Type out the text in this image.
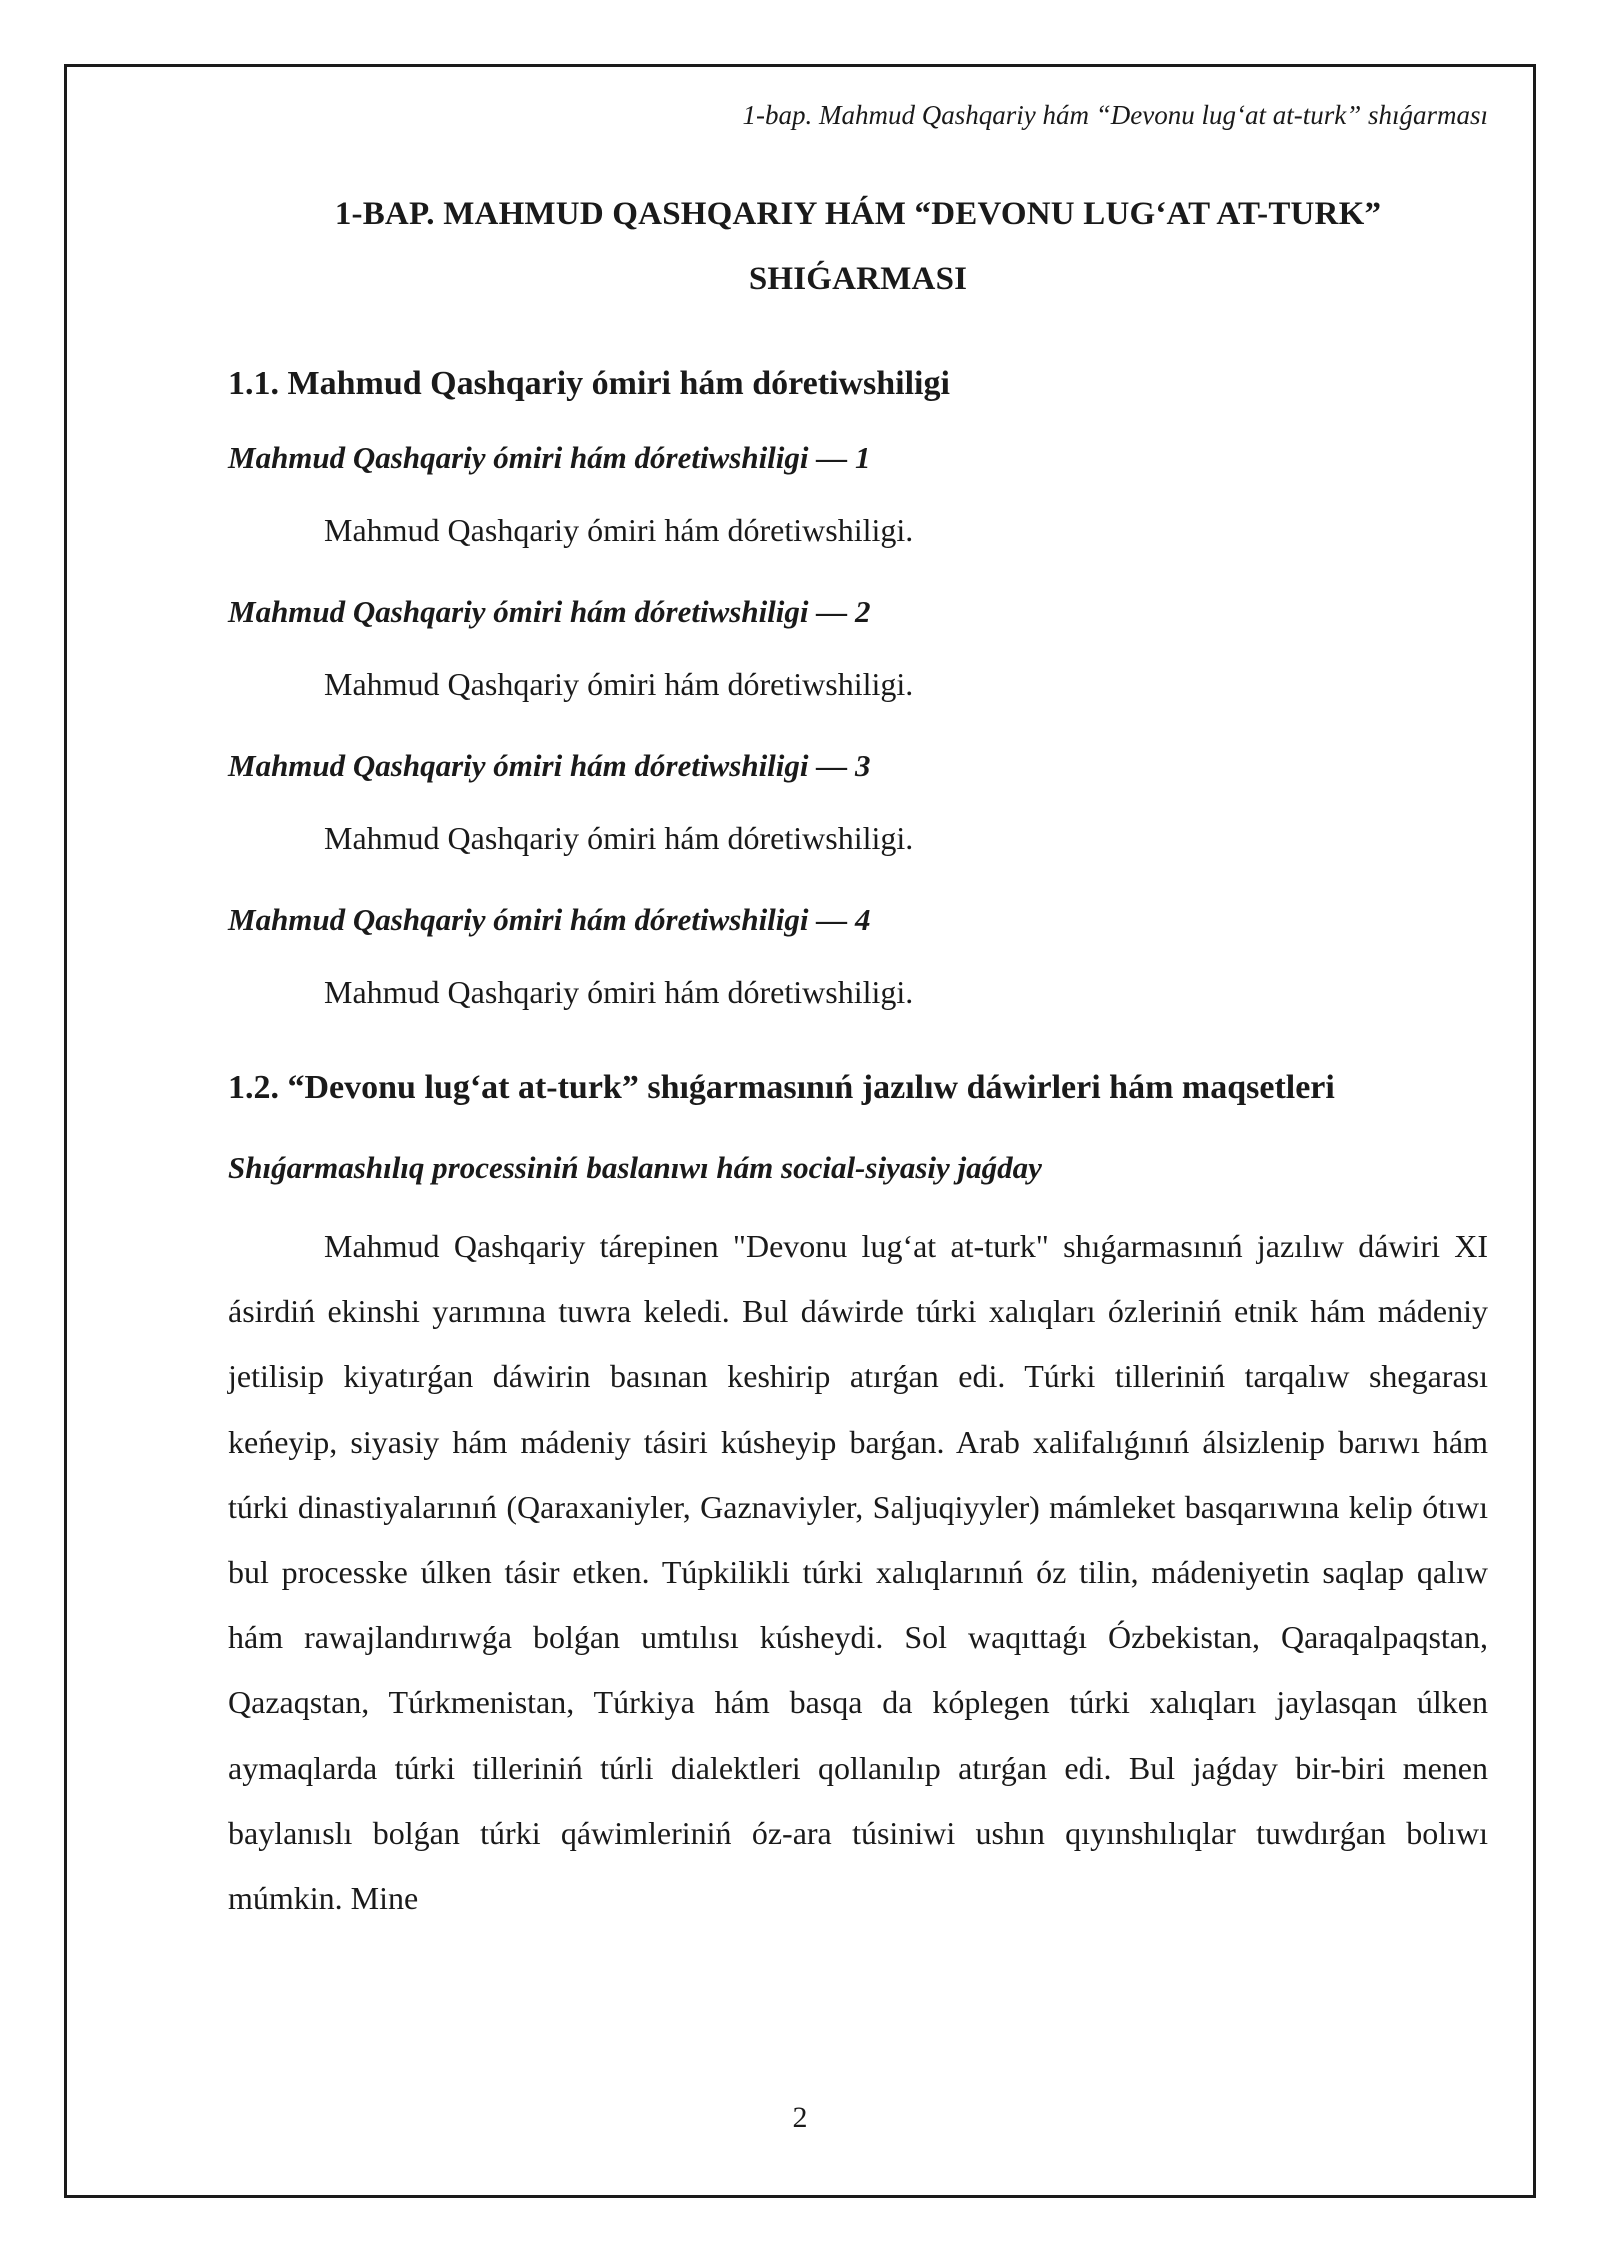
1-bap. Mahmud Qashqariy hám “Devonu lug‘at at-turk” shıǵarması
1-BAP. MAHMUD QASHQARIY HÁM “DEVONU LUG‘AT AT-TURK”
SHIǴARMASI
1.1. Mahmud Qashqariy ómiri hám dóretiwshiligi
Mahmud Qashqariy ómiri hám dóretiwshiligi — 1

Mahmud Qashqariy ómiri hám dóretiwshiligi.

Mahmud Qashqariy ómiri hám dóretiwshiligi — 2

Mahmud Qashqariy ómiri hám dóretiwshiligi.

Mahmud Qashqariy ómiri hám dóretiwshiligi — 3

Mahmud Qashqariy ómiri hám dóretiwshiligi.

Mahmud Qashqariy ómiri hám dóretiwshiligi — 4

Mahmud Qashqariy ómiri hám dóretiwshiligi.

1.2. “Devonu lug‘at at-turk” shıǵarmasınıń jazılıw dáwirleri hám maqsetleri
Shıǵarmashılıq processiniń baslanıwı hám social-siyasiy jaǵday

Mahmud Qashqariy tárepinen "Devonu lug‘at at-turk" shıǵarmasınıń jazılıw dáwiri XI ásirdiń ekinshi yarımına tuwra keledi. Bul dáwirde túrki xalıqları ózleriniń etnik hám mádeniy jetilisip kiyatırǵan dáwirin basınan keshirip atırǵan edi. Túrki tilleriniń tarqalıw shegarası keńeyip, siyasiy hám mádeniy tásiri kúsheyip barǵan. Arab xalifalıǵınıń álsizlenip barıwı hám túrki dinastiyalarınıń (Qaraxaniyler, Gaznaviyler, Saljuqiyyler) mámleket basqarıwına kelip ótıwı bul processke úlken tásir etken. Túpkilikli túrki xalıqlarınıń óz tilin, mádeniyetin saqlap qalıw hám rawajlandırıwǵa bolǵan umtılısı kúsheydi. Sol waqıttaǵı Ózbekistan, Qaraqalpaqstan, Qazaqstan, Túrkmenistan, Túrkiya hám basqa da kóplegen túrki xalıqları jaylasqan úlken aymaqlarda túrki tilleriniń túrli dialektleri qollanılıp atırǵan edi. Bul jaǵday bir-biri menen baylanıslı bolǵan túrki qáwimleriniń óz-ara túsiniwi ushın qıyınshılıqlar tuwdırǵan bolıwı múmkin. Mine

2
